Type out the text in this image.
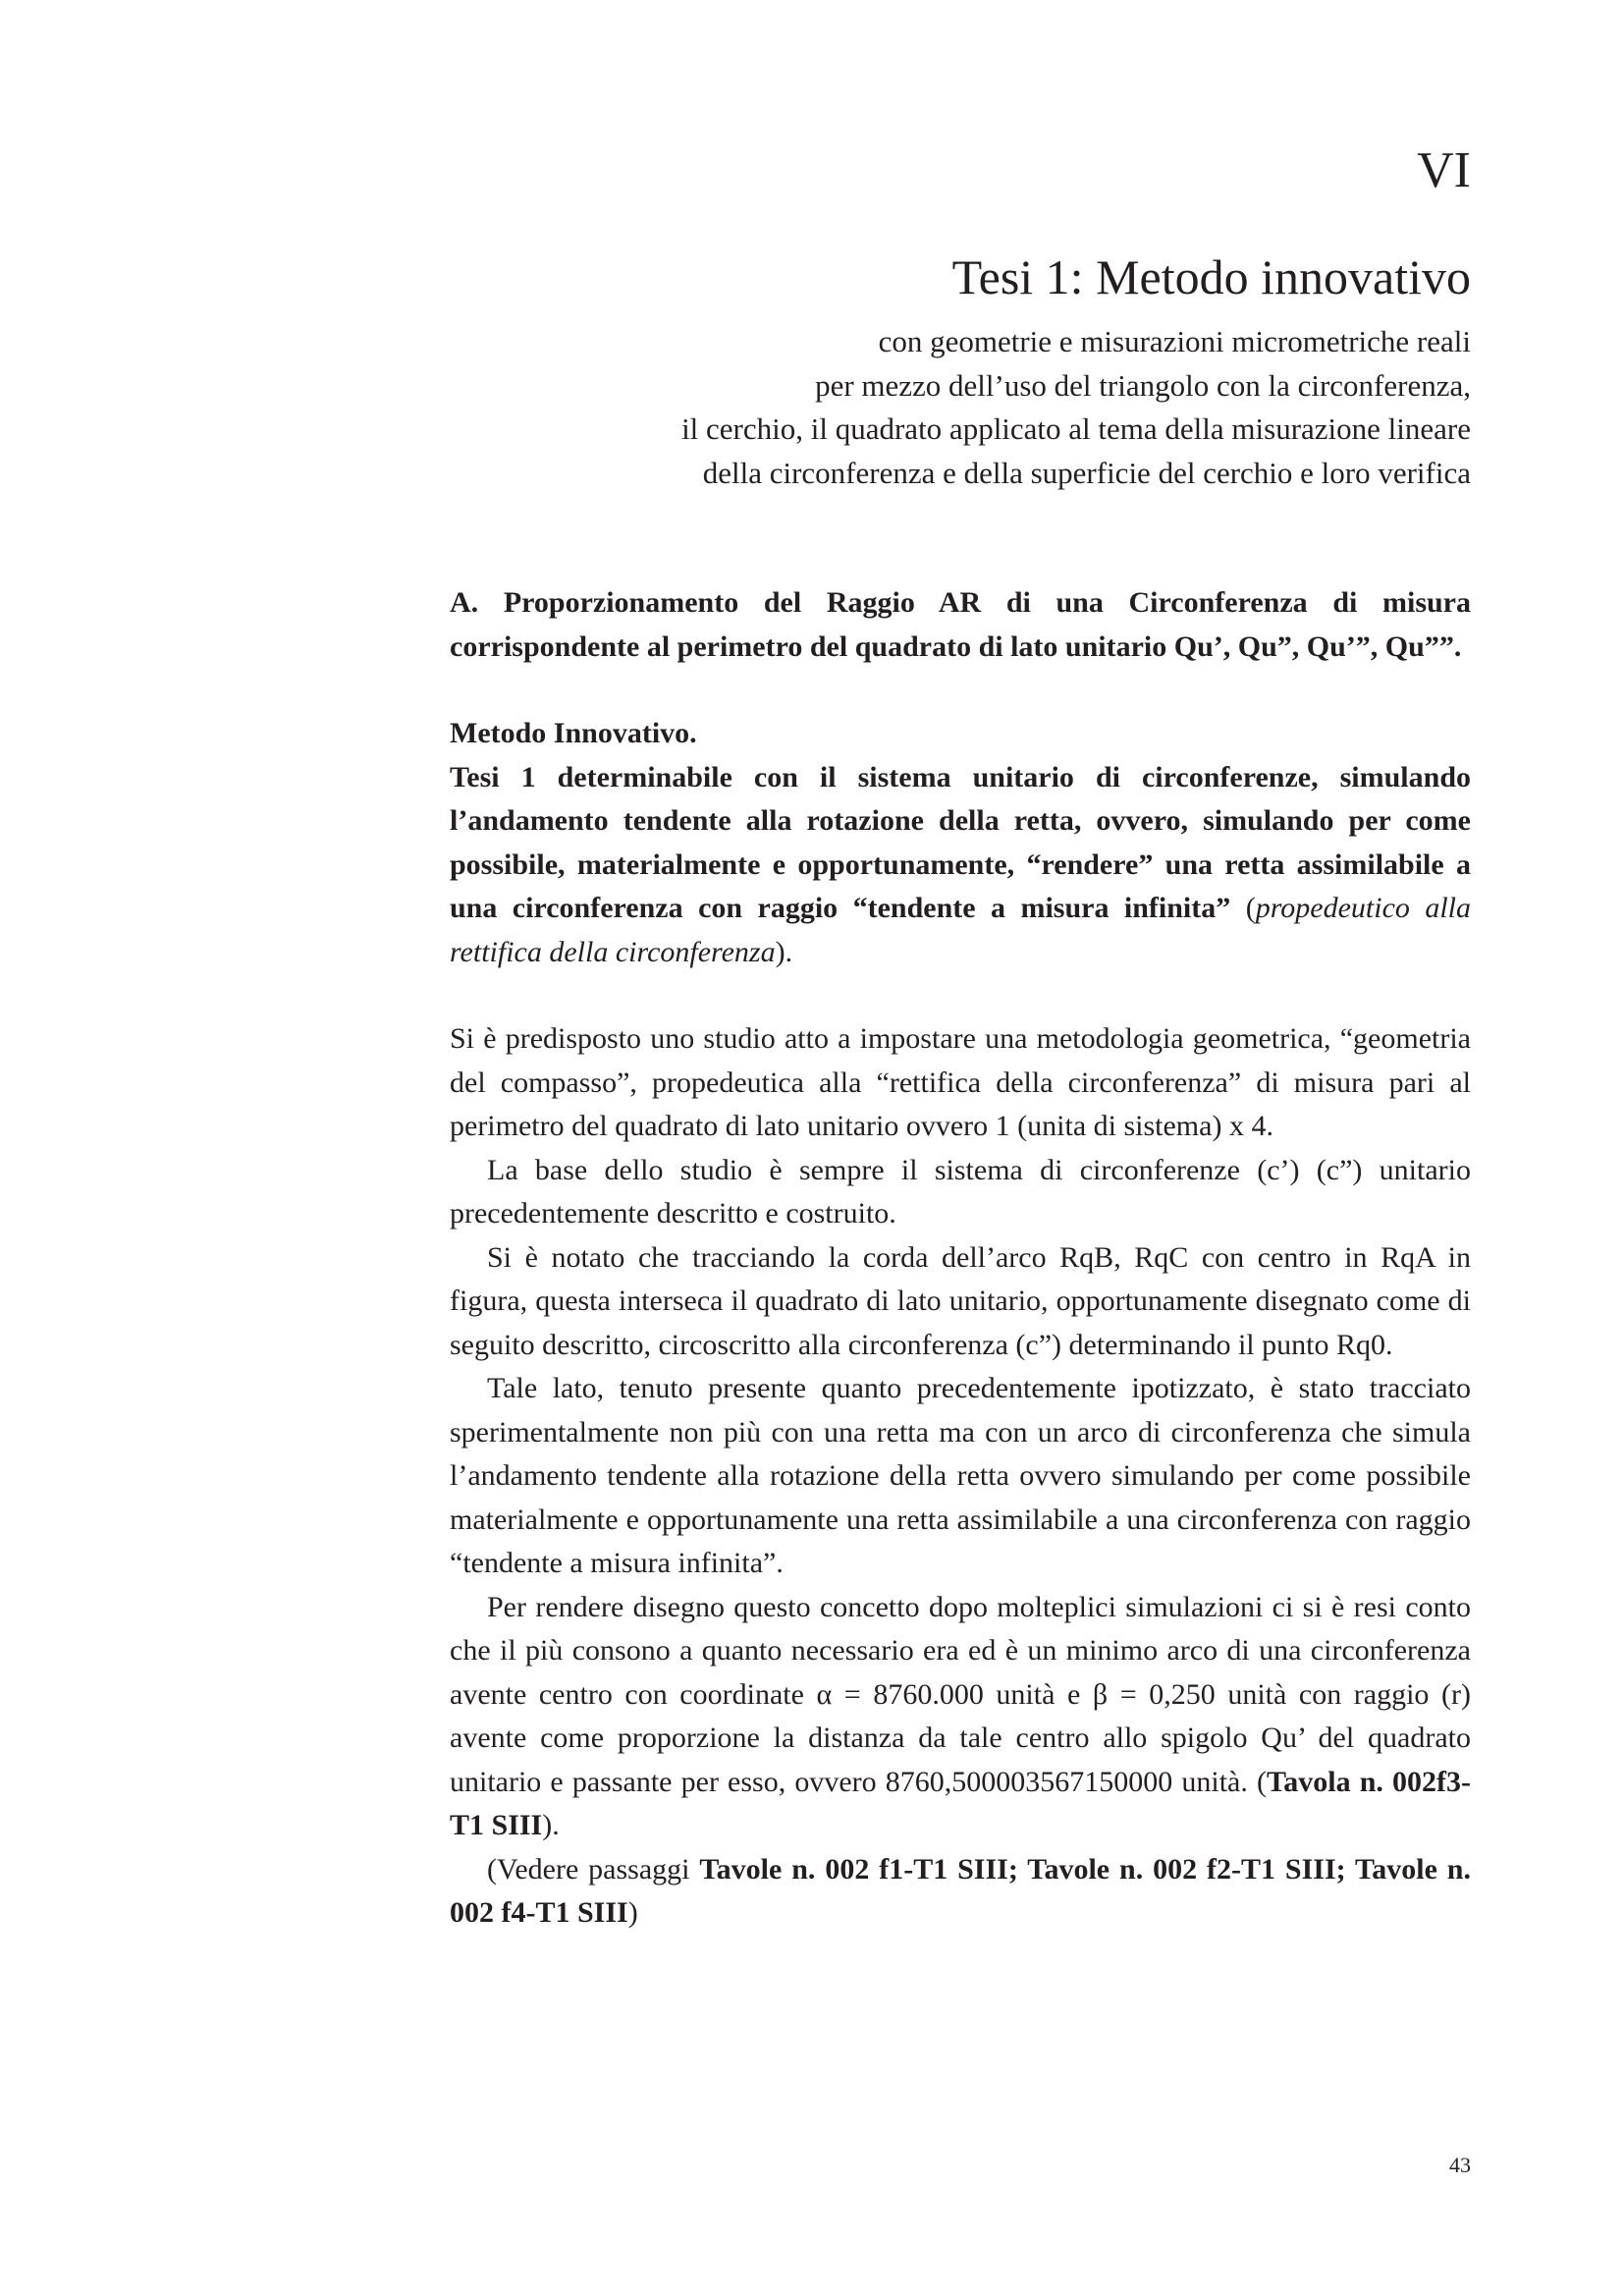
VI
Tesi 1: Metodo innovativo
con geometrie e misurazioni micrometriche reali
per mezzo dell’uso del triangolo con la circonferenza,
il cerchio, il quadrato applicato al tema della misurazione lineare
della circonferenza e della superficie del cerchio e loro verifica

A. Proporzionamento del Raggio AR di una Circonferenza di misura corrispondente al perimetro del quadrato di lato unitario Qu’, Qu”, Qu’”, Qu””.

Metodo Innovativo.

Tesi 1 determinabile con il sistema unitario di circonferenze, simulando l’andamento tendente alla rotazione della retta, ovvero, simulando per come possibile, materialmente e opportunamente, “rendere” una retta assimilabile a una circonferenza con raggio “tendente a misura infinita” (propedeutico alla rettifica della circonferenza).

Si è predisposto uno studio atto a impostare una metodologia geometrica, “geometria del compasso”, propedeutica alla “rettifica della circonferenza” di misura pari al perimetro del quadrato di lato unitario ovvero 1 (unita di sistema) x 4.

La base dello studio è sempre il sistema di circonferenze (c’) (c”) unitario precedentemente descritto e costruito.

Si è notato che tracciando la corda dell’arco RqB, RqC con centro in RqA in figura, questa interseca il quadrato di lato unitario, opportunamente disegnato come di seguito descritto, circoscritto alla circonferenza (c”) determinando il punto Rq0.

Tale lato, tenuto presente quanto precedentemente ipotizzato, è stato tracciato sperimentalmente non più con una retta ma con un arco di circonferenza che simula l’andamento tendente alla rotazione della retta ovvero simulando per come possibile materialmente e opportunamente una retta assimilabile a una circonferenza con raggio “tendente a misura infinita”.

Per rendere disegno questo concetto dopo molteplici simulazioni ci si è resi conto che il più consono a quanto necessario era ed è un minimo arco di una circonferenza avente centro con coordinate α = 8760.000 unità e β = 0,250 unità con raggio (r) avente come proporzione la distanza da tale centro allo spigolo Qu’ del quadrato unitario e passante per esso, ovvero 8760,500003567150000 unità. (Tavola n. 002f3-T1 SIII).

(Vedere passaggi Tavole n. 002 f1-T1 SIII; Tavole n. 002 f2-T1 SIII; Tavole n. 002 f4-T1 SIII)

43
